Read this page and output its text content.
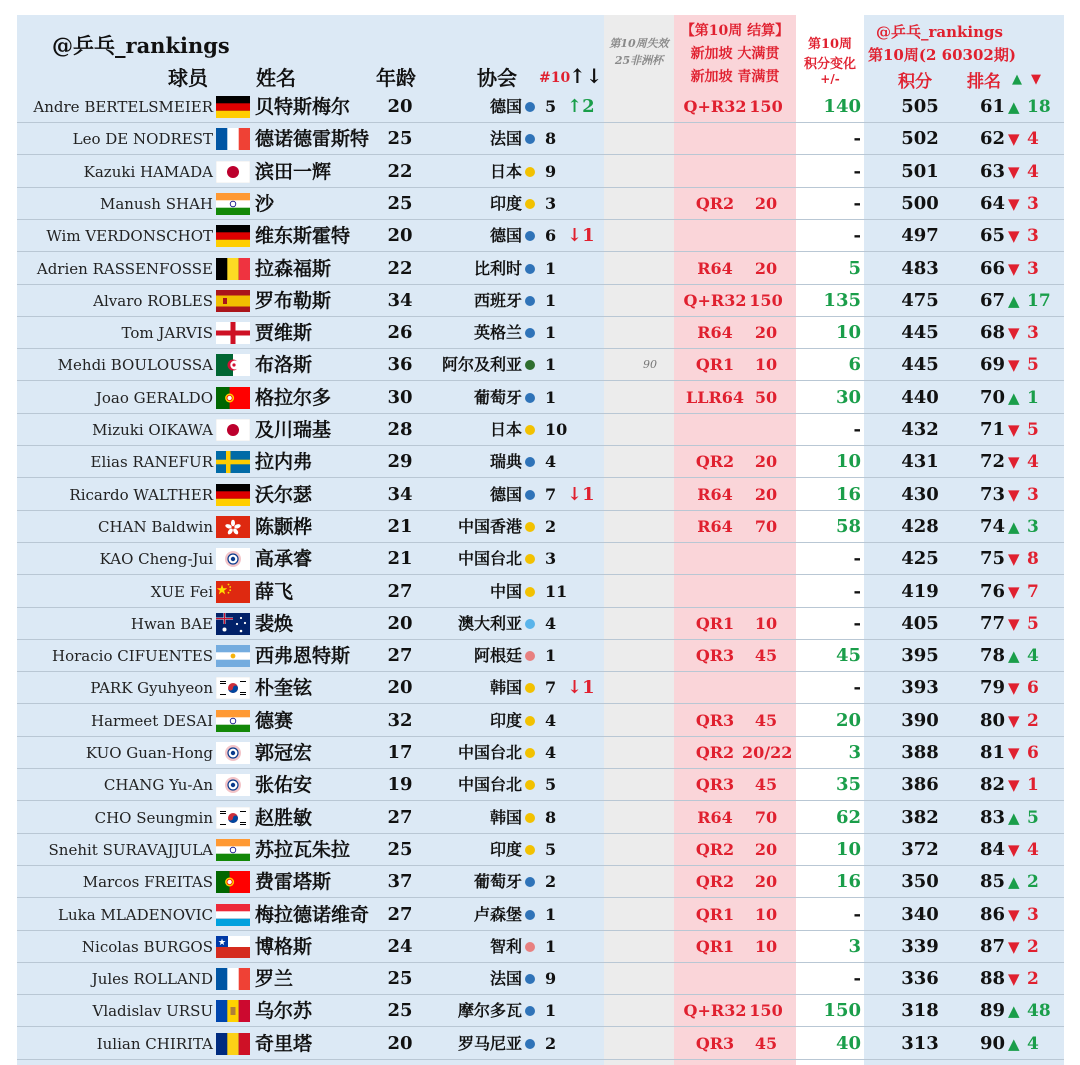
@乒乓_rankings
球员 姓名	年龄	协会 #10
↑↓
第10周失效
25非洲杯
【第10周 结算】
新加坡 大满贯
新加坡 青满贯
第10周
积分变化
+/-
@乒乓_rankings
第10周(2 60302期)
积分 排名 ▲ ▼
Andre BERTELSMEIER 贝特斯梅尔	20	德国 5 ↑2	Q+R32 150	140	505	61 ▲ 18
Leo DE NODREST 德诺德雷斯特	25	法国 8	-	502	62 ▼ 4
Kazuki HAMADA 滨田一辉	22	日本 9	-	501	63 ▼ 4
Manush SHAH 沙	25	印度 3	QR2	20	-	500	64 ▼ 3
Wim VERDONSCHOT 维东斯霍特	20	德国 6 ↓1	-	497	65 ▼ 3
Adrien RASSENFOSSE 拉森福斯	22	比利时 1	R64	20	5	483	66 ▼ 3
Alvaro ROBLES 罗布勒斯	34	西班牙 1	Q+R32 150	135	475	67 ▲ 17
Tom JARVIS 贾维斯	26	英格兰 1	R64	20	10	445	68 ▼ 3
Mehdi BOULOUSSA 布洛斯	36	阿尔及利亚 1	90	QR1	10	6	445	69 ▼ 5
Joao GERALDO 格拉尔多	30	葡萄牙 1	LLR64 50	30	440	70 ▲ 1
Mizuki OIKAWA 及川瑞基	28	日本 10	-	432	71 ▼ 5
Elias RANEFUR 拉内弗	29	瑞典 4	QR2	20	10	431	72 ▼ 4
Ricardo WALTHER 沃尔瑟	34	德国 7 ↓1	R64	20	16	430	73 ▼ 3
CHAN Baldwin 陈颢桦	21	中国香港 2	R64	70	58	428	74 ▲ 3
KAO Cheng-Jui 高承睿	21	中国台北 3	-	425	75 ▼ 8
XUE Fei 薛飞	27	中国 11	-	419	76 ▼ 7
Hwan BAE 裴焕	20	澳大利亚 4	QR1	10	-	405	77 ▼ 5
Horacio CIFUENTES 西弗恩特斯	27	阿根廷 1	QR3	45	45	395	78 ▲ 4
PARK Gyuhyeon 朴奎铉	20	韩国 7 ↓1	-	393	79 ▼ 6
Harmeet DESAI 德赛	32	印度 4	QR3	45	20	390	80 ▼ 2
KUO Guan-Hong 郭冠宏	17	中国台北 4	QR2 20/22	3	388	81 ▼ 6
CHANG Yu-An 张佑安	19	中国台北 5	QR3	45	35	386	82 ▼ 1
CHO Seungmin 赵胜敏	27	韩国 8	R64	70	62	382	83 ▲ 5
Snehit SURAVAJJULA 苏拉瓦朱拉	25	印度 5	QR2	20	10	372	84 ▼ 4
Marcos FREITAS 费雷塔斯	37	葡萄牙 2	QR2	20	16	350	85 ▲ 2
Luka MLADENOVIC 梅拉德诺维奇	27	卢森堡 1	QR1	10	-	340	86 ▼ 3
Nicolas BURGOS 博格斯	24	智利 1	QR1	10	3	339	87 ▼ 2
Jules ROLLAND 罗兰	25	法国 9	-	336	88 ▼ 2
Vladislav URSU 乌尔苏	25	摩尔多瓦 1	Q+R32 150	150	318	89 ▲ 48
Iulian CHIRITA 奇里塔	20	罗马尼亚 2	QR3	45	40	313	90 ▲ 4
